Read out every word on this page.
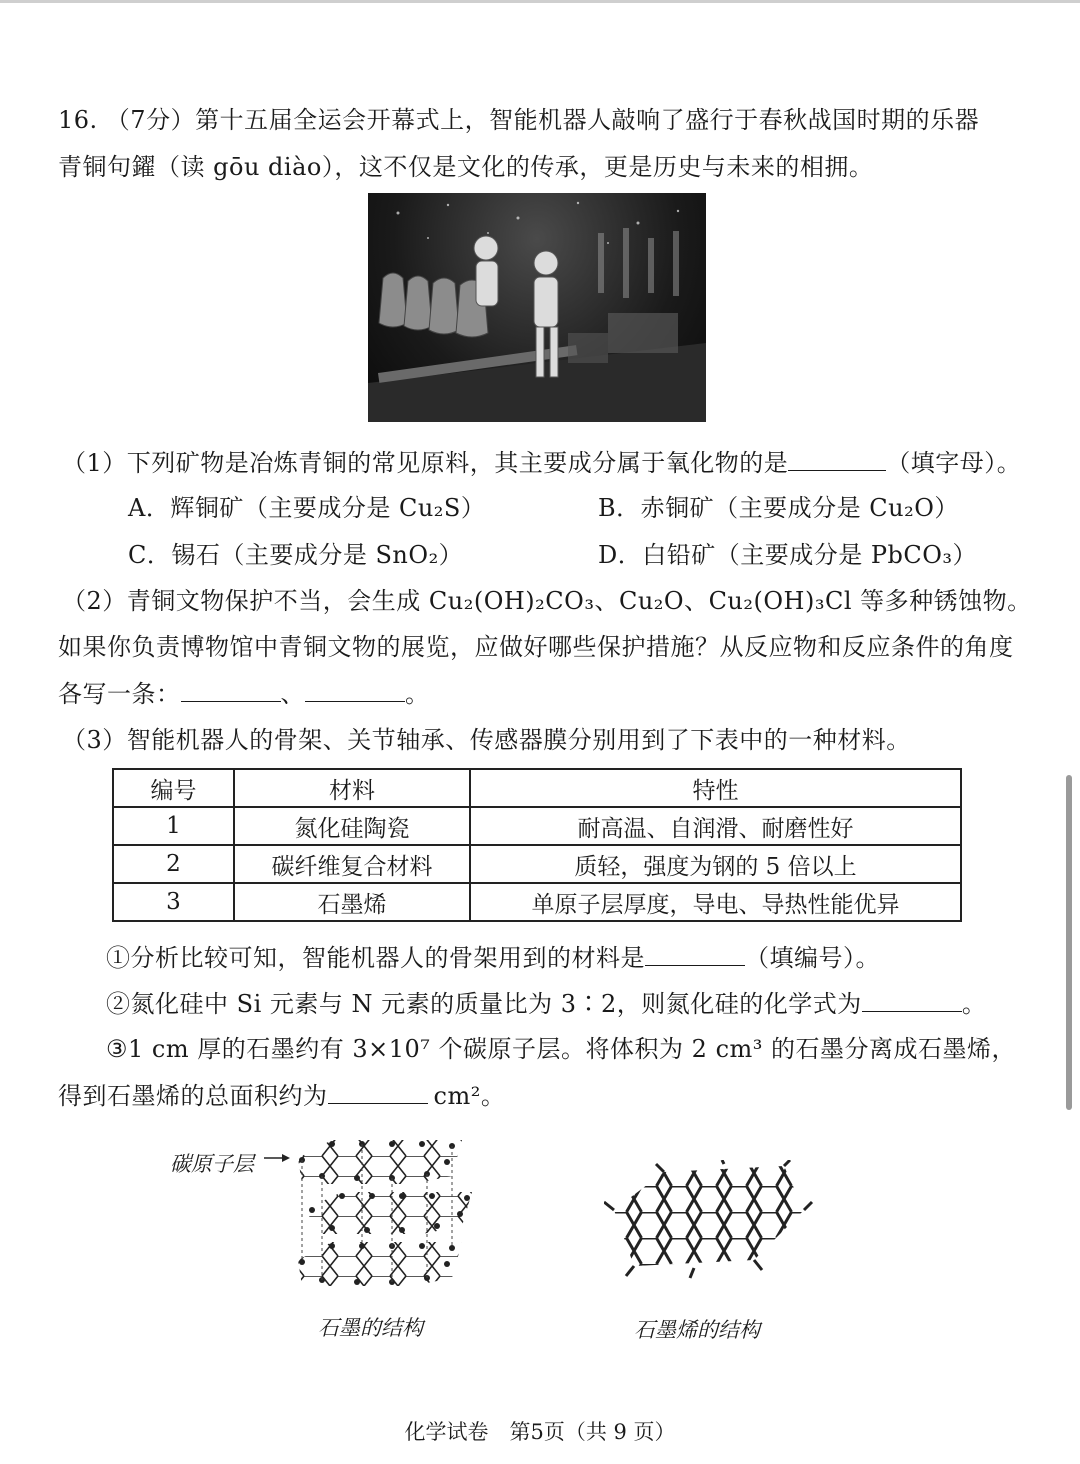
16. （7分）第十五届全运会开幕式上，智能机器人敲响了盛行于春秋战国时期的乐器
青铜句鑃（读 gōu diào），这不仅是文化的传承，更是历史与未来的相拥。
（1）下列矿物是冶炼青铜的常见原料，其主要成分属于氧化物的是	（填字母）。
A．辉铜矿（主要成分是 Cu₂S）	B．赤铜矿（主要成分是 Cu₂O）
C．锡石（主要成分是 SnO₂）	D．白铅矿（主要成分是 PbCO₃）
（2）青铜文物保护不当，会生成 Cu₂(OH)₂CO₃、Cu₂O、Cu₂(OH)₃Cl 等多种锈蚀物。
如果你负责博物馆中青铜文物的展览，应做好哪些保护措施？从反应物和反应条件的角度
各写一条：	、	。
（3）智能机器人的骨架、关节轴承、传感器膜分别用到了下表中的一种材料。
编号	材料	特性
1	氮化硅陶瓷	耐高温、自润滑、耐磨性好
2	碳纤维复合材料	质轻，强度为钢的 5 倍以上
3	石墨烯	单原子层厚度，导电、导热性能优异
①分析比较可知，智能机器人的骨架用到的材料是	（填编号）。
②氮化硅中 Si 元素与 N 元素的质量比为 3∶2，则氮化硅的化学式为	。
③1 cm 厚的石墨约有 3×10⁷ 个碳原子层。将体积为 2 cm³ 的石墨分离成石墨烯，
得到石墨烯的总面积约为	cm²。
碳原子层
石墨的结构	石墨烯的结构
化学试卷　第5页（共 9 页）
